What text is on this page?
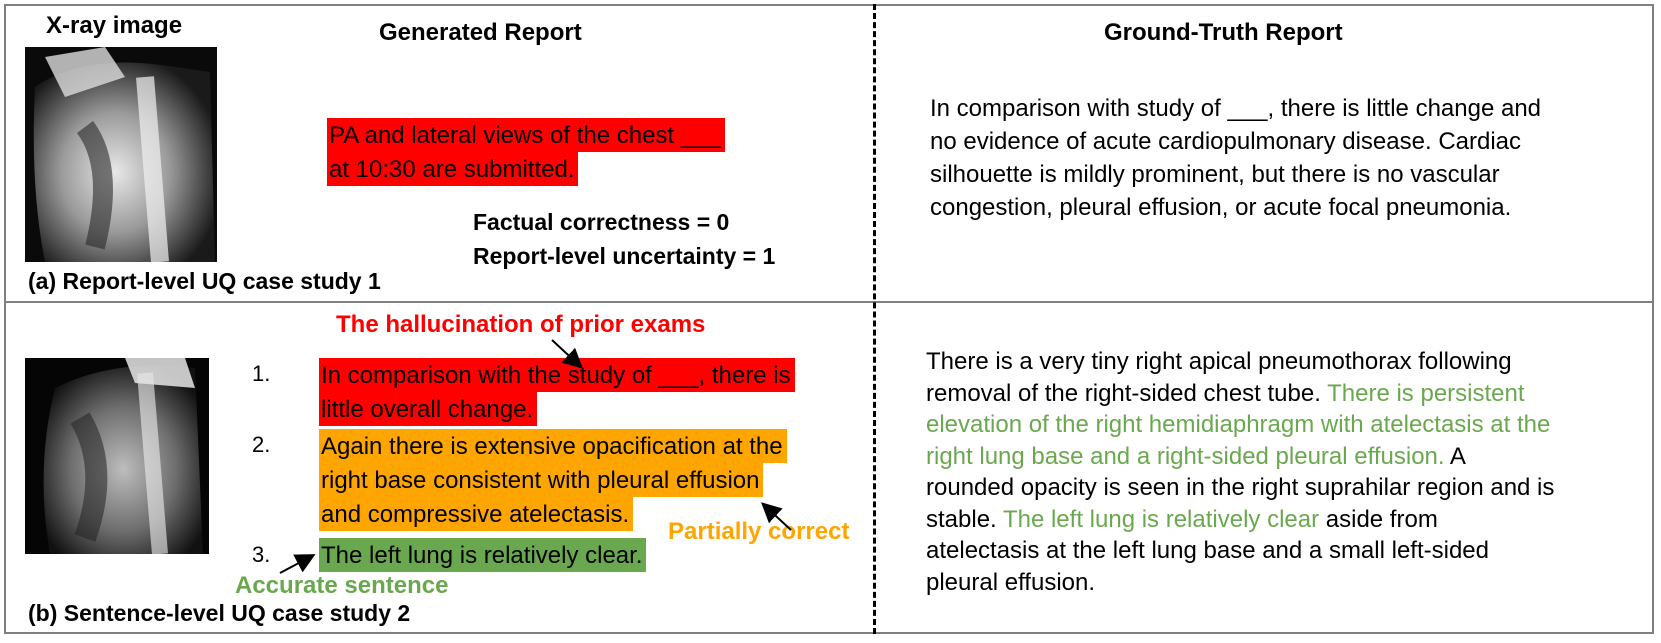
X-ray image	Generated Report	Ground-Truth Report
PA and lateral views of the chest ___
at 10:30 are submitted.
Factual correctness = 0
Report-level uncertainty = 1
(a) Report-level UQ case study 1
In comparison with study of ___, there is little change and
no evidence of acute cardiopulmonary disease. Cardiac
silhouette is mildly prominent, but there is no vascular
congestion, pleural effusion, or acute focal pneumonia.
The hallucination of prior exams
1.
2.
3.
In comparison with the study of ___, there is
little overall change.
Again there is extensive opacification at the
right base consistent with pleural effusion
and compressive atelectasis.
The left lung is relatively clear.
Partially correct
Accurate sentence
(b) Sentence-level UQ case study 2
There is a very tiny right apical pneumothorax following
removal of the right-sided chest tube. There is persistent
elevation of the right hemidiaphragm with atelectasis at the
right lung base and a right-sided pleural effusion. A
rounded opacity is seen in the right suprahilar region and is
stable. The left lung is relatively clear aside from
atelectasis at the left lung base and a small left-sided
pleural effusion.
